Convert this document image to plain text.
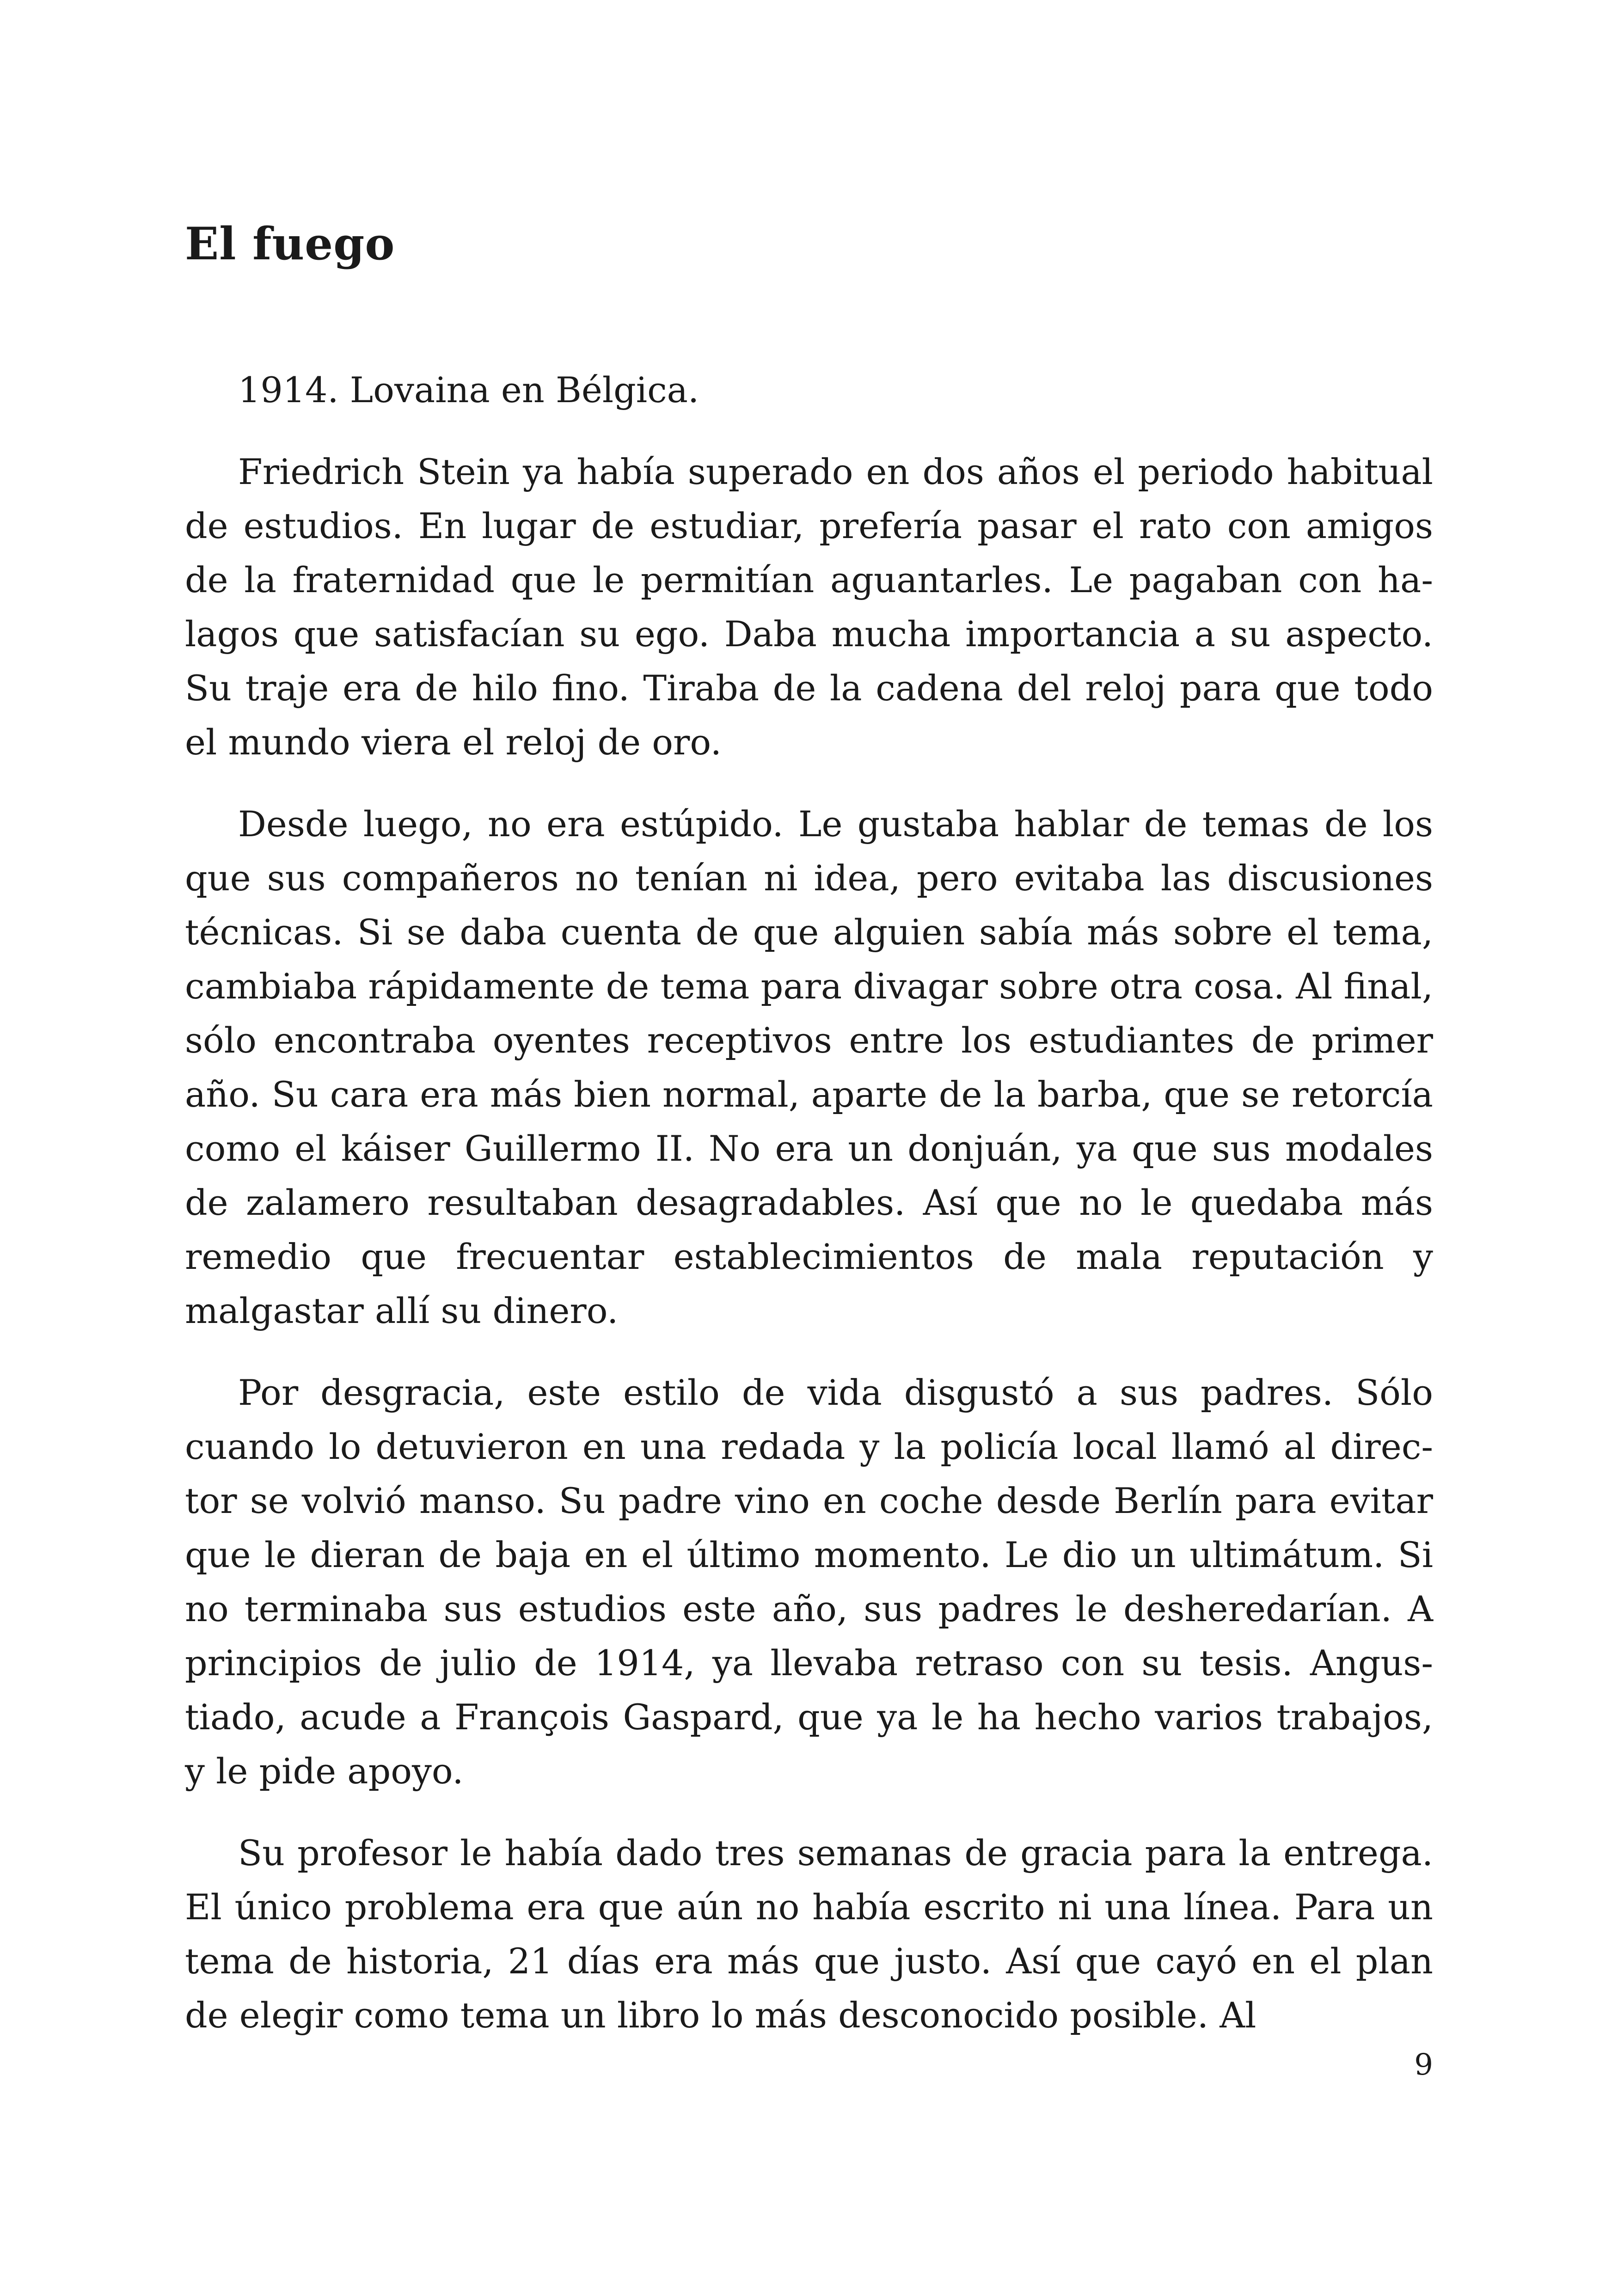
El fuego

1914. Lovaina en Bélgica.

Friedrich Stein ya había superado en dos años el periodo habitual de estudios. En lugar de estudiar, prefería pasar el rato con amigos de la fraternidad que le permitían aguantarles. Le pagaban con halagos que satisfacían su ego. Daba mucha importancia a su aspecto. Su traje era de hilo fino. Tiraba de la cadena del reloj para que todo el mundo viera el reloj de oro.

Desde luego, no era estúpido. Le gustaba hablar de temas de los que sus compañeros no tenían ni idea, pero evitaba las discusiones técnicas. Si se daba cuenta de que alguien sabía más sobre el tema, cambiaba rápidamente de tema para divagar sobre otra cosa. Al final, sólo encontraba oyentes receptivos entre los estudiantes de primer año. Su cara era más bien normal, aparte de la barba, que se retorcía como el káiser Guillermo II. No era un donjuán, ya que sus modales de zalamero resultaban desagradables. Así que no le quedaba más remedio que frecuentar establecimientos de mala reputación y malgastar allí su dinero.

Por desgracia, este estilo de vida disgustó a sus padres. Sólo cuando lo detuvieron en una redada y la policía local llamó al director se volvió manso. Su padre vino en coche desde Berlín para evitar que le dieran de baja en el último momento. Le dio un ultimátum. Si no terminaba sus estudios este año, sus padres le desheredarían. A principios de julio de 1914, ya llevaba retraso con su tesis. Angustiado, acude a François Gaspard, que ya le ha hecho varios trabajos, y le pide apoyo.

Su profesor le había dado tres semanas de gracia para la entrega. El único problema era que aún no había escrito ni una línea. Para un tema de historia, 21 días era más que justo. Así que cayó en el plan de elegir como tema un libro lo más desconocido posible. Al

9
